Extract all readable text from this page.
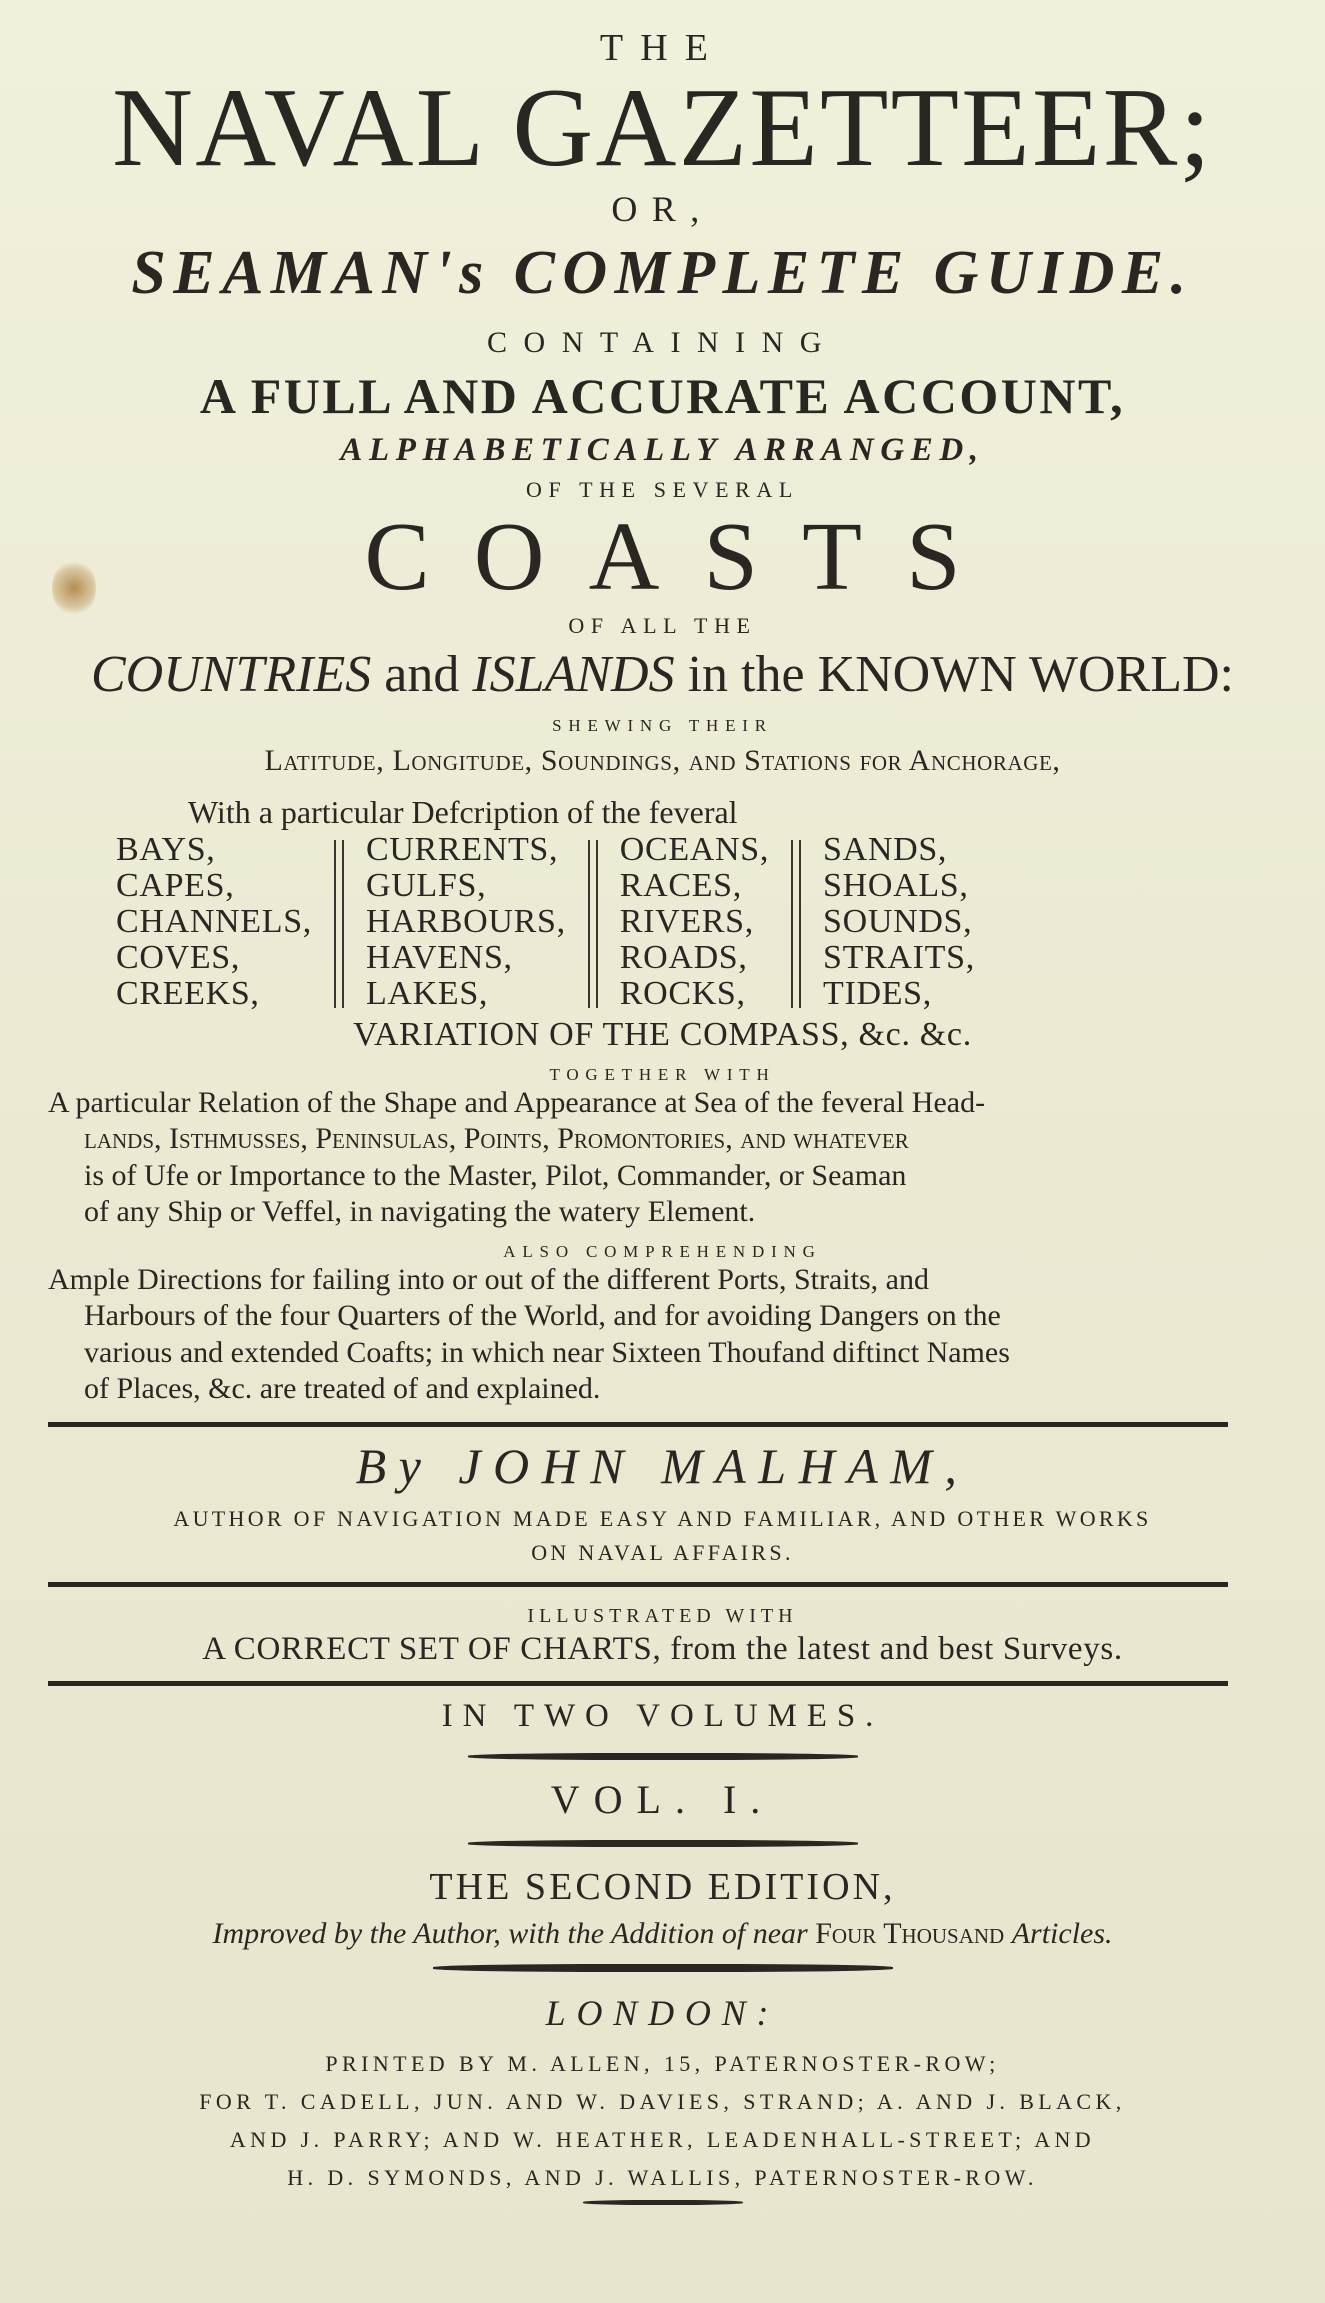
THE
NAVAL GAZETTEER;
OR,
SEAMAN's COMPLETE GUIDE.
CONTAINING
A FULL AND ACCURATE ACCOUNT,
ALPHABETICALLY ARRANGED,
OF THE SEVERAL
COASTS
OF ALL THE
COUNTRIES and ISLANDS in the KNOWN WORLD:
SHEWING THEIR
Latitude, Longitude, Soundings, and Stations for Anchorage,
With a particular Defcription of the feveral
BAYS,
CAPES,
CHANNELS,
COVES,
CREEKS,
CURRENTS,
GULFS,
HARBOURS,
HAVENS,
LAKES,
OCEANS,
RACES,
RIVERS,
ROADS,
ROCKS,
SANDS,
SHOALS,
SOUNDS,
STRAITS,
TIDES,
VARIATION OF THE COMPASS, &c. &c.
TOGETHER WITH
A particular Relation of the Shape and Appearance at Sea of the feveral Head-
lands, Isthmusses, Peninsulas, Points, Promontories, and whatever
is of Ufe or Importance to the Master, Pilot, Commander, or Seaman
of any Ship or Veffel, in navigating the watery Element.
ALSO COMPREHENDING
Ample Directions for failing into or out of the different Ports, Straits, and
Harbours of the four Quarters of the World, and for avoiding Dangers on the
various and extended Coafts; in which near Sixteen Thoufand diftinct Names
of Places, &c. are treated of and explained.
By JOHN MALHAM,
AUTHOR OF NAVIGATION MADE EASY AND FAMILIAR, AND OTHER WORKS
ON NAVAL AFFAIRS.
ILLUSTRATED WITH
A CORRECT SET OF CHARTS, from the latest and best Surveys.
IN TWO VOLUMES.
VOL. I.
THE SECOND EDITION,
Improved by the Author, with the Addition of near Four Thousand Articles.
LONDON:
PRINTED BY M. ALLEN, 15, PATERNOSTER-ROW;
FOR T. CADELL, JUN. AND W. DAVIES, STRAND; A. AND J. BLACK,
AND J. PARRY; AND W. HEATHER, LEADENHALL-STREET; AND
H. D. SYMONDS, AND J. WALLIS, PATERNOSTER-ROW.
